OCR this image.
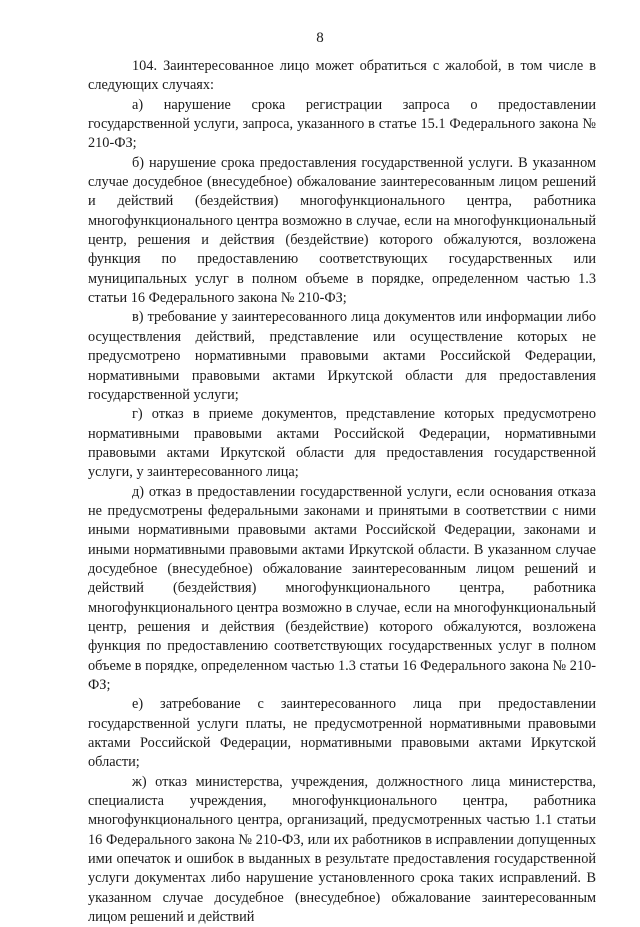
8

104. Заинтересованное лицо может обратиться с жалобой, в том числе в следующих случаях:

а) нарушение срока регистрации запроса о предоставлении государственной услуги, запроса, указанного в статье 15.1 Федерального закона № 210-ФЗ;

б) нарушение срока предоставления государственной услуги. В указанном случае досудебное (внесудебное) обжалование заинтересованным лицом решений и действий (бездействия) многофункционального центра, работника многофункционального центра возможно в случае, если на многофункциональный центр, решения и действия (бездействие) которого обжалуются, возложена функция по предоставлению соответствующих государственных или муниципальных услуг в полном объеме в порядке, определенном частью 1.3 статьи 16 Федерального закона № 210-ФЗ;

в) требование у заинтересованного лица документов или информации либо осуществления действий, представление или осуществление которых не предусмотрено нормативными правовыми актами Российской Федерации, нормативными правовыми актами Иркутской области для предоставления государственной услуги;

г) отказ в приеме документов, представление которых предусмотрено нормативными правовыми актами Российской Федерации, нормативными правовыми актами Иркутской области для предоставления государственной услуги, у заинтересованного лица;

д) отказ в предоставлении государственной услуги, если основания отказа не предусмотрены федеральными законами и принятыми в соответствии с ними иными нормативными правовыми актами Российской Федерации, законами и иными нормативными правовыми актами Иркутской области. В указанном случае досудебное (внесудебное) обжалование заинтересованным лицом решений и действий (бездействия) многофункционального центра, работника многофункционального центра возможно в случае, если на многофункциональный центр, решения и действия (бездействие) которого обжалуются, возложена функция по предоставлению соответствующих государственных услуг в полном объеме в порядке, определенном частью 1.3 статьи 16 Федерального закона № 210-ФЗ;

е) затребование с заинтересованного лица при предоставлении государственной услуги платы, не предусмотренной нормативными правовыми актами Российской Федерации, нормативными правовыми актами Иркутской области;

ж) отказ министерства, учреждения, должностного лица министерства, специалиста учреждения, многофункционального центра, работника многофункционального центра, организаций, предусмотренных частью 1.1 статьи 16 Федерального закона № 210-ФЗ, или их работников в исправлении допущенных ими опечаток и ошибок в выданных в результате предоставления государственной услуги документах либо нарушение установленного срока таких исправлений. В указанном случае досудебное (внесудебное) обжалование заинтересованным лицом решений и действий
